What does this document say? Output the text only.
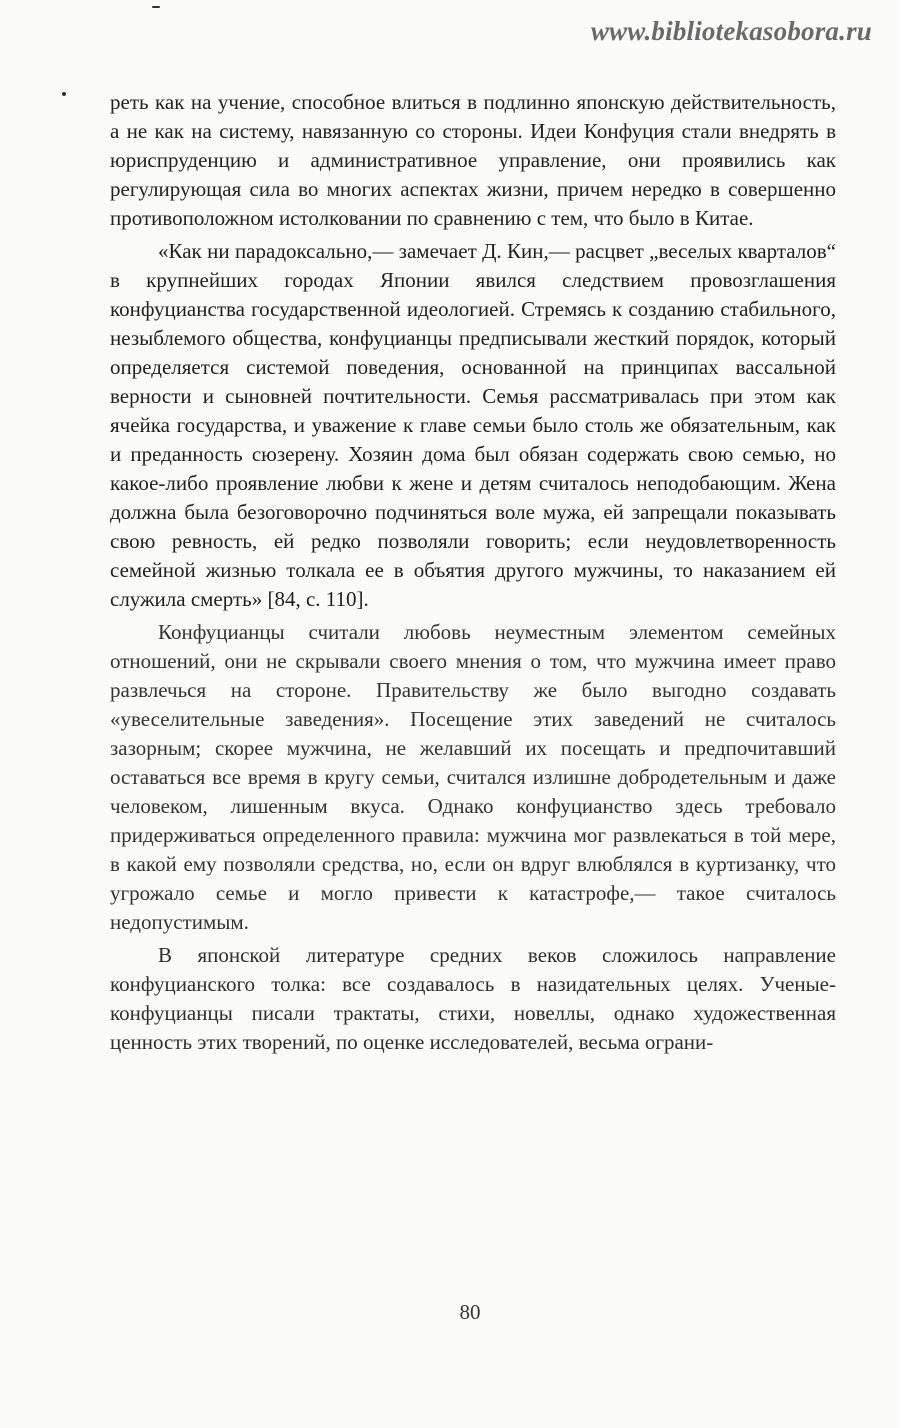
www.bibliotekasobora.ru

реть как на учение, способное влиться в подлинно японскую действительность, а не как на систему, навязанную со стороны. Идеи Конфуция стали внедрять в юриспруденцию и административное управление, они проявились как регулирующая сила во многих аспектах жизни, причем нередко в совершенно противоположном истолковании по сравнению с тем, что было в Китае.

«Как ни парадоксально,— замечает Д. Кин,— расцвет „веселых кварталов“ в крупнейших городах Японии явился следствием провозглашения конфуцианства государственной идеологией. Стремясь к созданию стабильного, незыблемого общества, конфуцианцы предписывали жесткий порядок, который определяется системой поведения, основанной на принципах вассальной верности и сыновней почтительности. Семья рассматривалась при этом как ячейка государства, и уважение к главе семьи было столь же обязательным, как и преданность сюзерену. Хозяин дома был обязан содержать свою семью, но какое-либо проявление любви к жене и детям считалось неподобающим. Жена должна была безоговорочно подчиняться воле мужа, ей запрещали показывать свою ревность, ей редко позволяли говорить; если неудовлетворенность семейной жизнью толкала ее в объятия другого мужчины, то наказанием ей служила смерть» [84, с. 110].

Конфуцианцы считали любовь неуместным элементом семейных отношений, они не скрывали своего мнения о том, что мужчина имеет право развлечься на стороне. Правительству же было выгодно создавать «увеселительные заведения». Посещение этих заведений не считалось зазорным; скорее мужчина, не желавший их посещать и предпочитавший оставаться все время в кругу семьи, считался излишне добродетельным и даже человеком, лишенным вкуса. Однако конфуцианство здесь требовало придерживаться определенного правила: мужчина мог развлекаться в той мере, в какой ему позволяли средства, но, если он вдруг влюблялся в куртизанку, что угрожало семье и могло привести к катастрофе,— такое считалось недопустимым.

В японской литературе средних веков сложилось направление конфуцианского толка: все создавалось в назидательных целях. Ученые-конфуцианцы писали трактаты, стихи, новеллы, однако художественная ценность этих творений, по оценке исследователей, весьма ограни-

80
